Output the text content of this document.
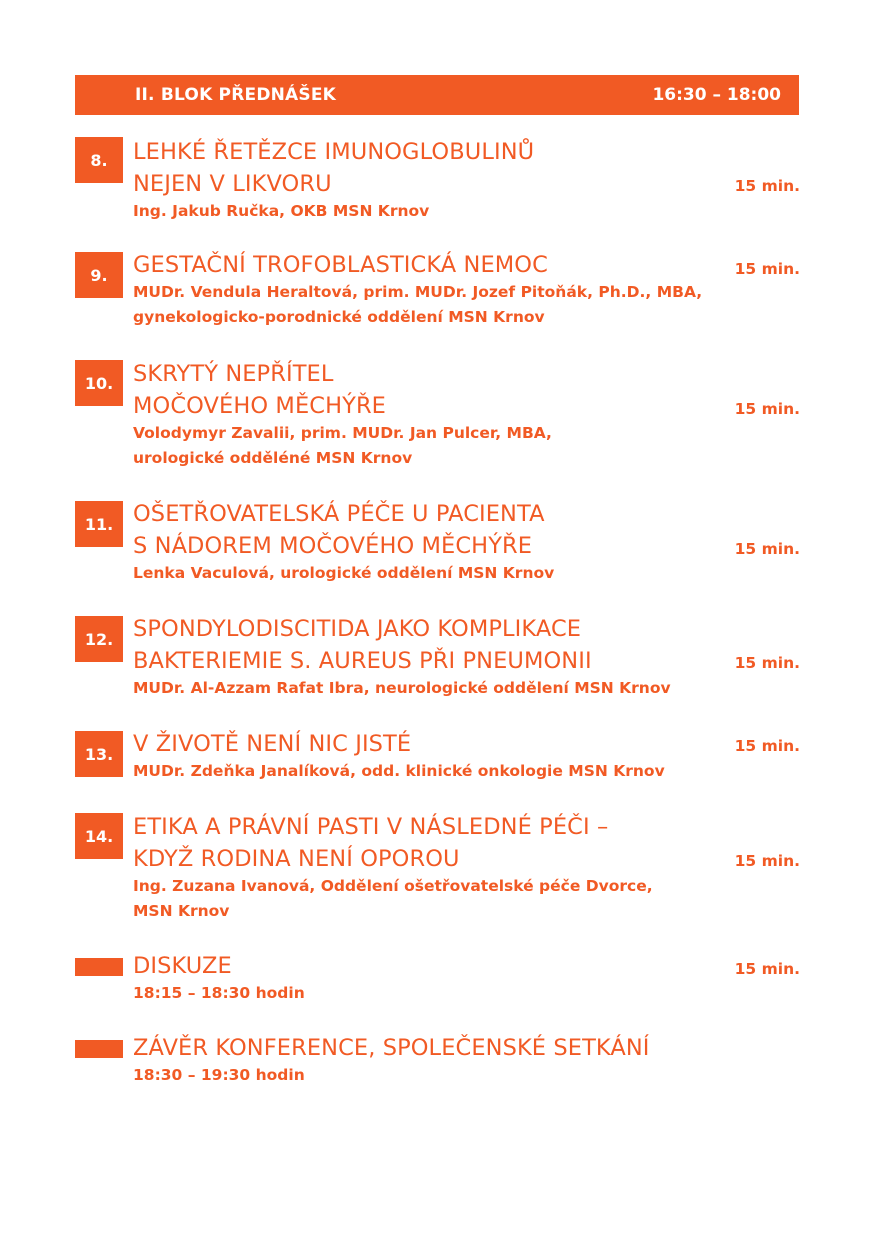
II. BLOK PŘEDNÁŠEK	16:30 – 18:00
8.	LEHKÉ ŘETĚZCE IMUNOGLOBULINŮ
NEJEN V LIKVORU
Ing. Jakub Ručka, OKB MSN Krnov
15 min.
9.	GESTAČNÍ TROFOBLASTICKÁ NEMOC
MUDr. Vendula Heraltová, prim. MUDr. Jozef Pitoňák, Ph.D., MBA,
gynekologicko-porodnické oddělení MSN Krnov
15 min.
10. SKRYTÝ NEPŘÍTEL
MOČOVÉHO MĚCHÝŘE
Volodymyr Zavalii, prim. MUDr. Jan Pulcer, MBA,
urologické odděléné MSN Krnov
15 min.
11. OŠETŘOVATELSKÁ PÉČE U PACIENTA
S NÁDOREM MOČOVÉHO MĚCHÝŘE
Lenka Vaculová, urologické oddělení MSN Krnov
15 min.
12. SPONDYLODISCITIDA JAKO KOMPLIKACE
BAKTERIEMIE S. AUREUS PŘI PNEUMONII
MUDr. Al-Azzam Rafat Ibra, neurologické oddělení MSN Krnov
15 min.
13. V ŽIVOTĚ NENÍ NIC JISTÉ
MUDr. Zdeňka Janalíková, odd. klinické onkologie MSN Krnov
15 min.
14. ETIKA A PRÁVNÍ PASTI V NÁSLEDNÉ PÉČI –
KDYŽ RODINA NENÍ OPOROU
Ing. Zuzana Ivanová, Oddělení ošetřovatelské péče Dvorce,
MSN Krnov
15 min.
DISKUZE
18:15 – 18:30 hodin
15 min.
ZÁVĚR KONFERENCE, SPOLEČENSKÉ SETKÁNÍ
18:30 – 19:30 hodin
